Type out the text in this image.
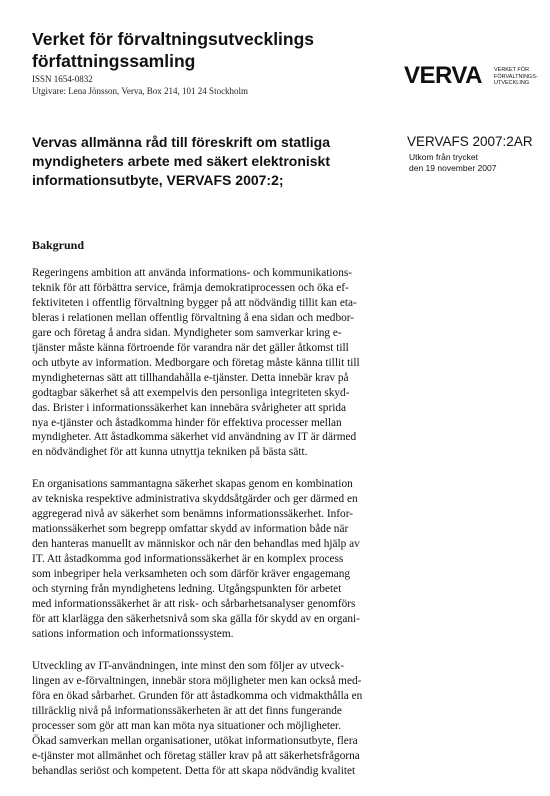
Verket för förvaltningsutvecklings författningssamling
ISSN 1654-0832
Utgivare: Lena Jönsson, Verva, Box 214, 101 24 Stockholm
VERVA VERKET FÖR
FÖRVALTNINGS-
UTVECKLING
Vervas allmänna råd till föreskrift om statliga myndigheters arbete med säkert elektroniskt informationsutbyte, VERVAFS 2007:2;
VERVAFS 2007:2AR
Utkom från trycket
den 19 november 2007
Bakgrund
Regeringens ambition att använda informations- och kommunikations-
teknik för att förbättra service, främja demokratiprocessen och öka ef-
fektiviteten i offentlig förvaltning bygger på att nödvändig tillit kan eta-
bleras i relationen mellan offentlig förvaltning å ena sidan och medbor-
gare och företag å andra sidan. Myndigheter som samverkar kring e-
tjänster måste känna förtroende för varandra när det gäller åtkomst till
och utbyte av information. Medborgare och företag måste känna tillit till
myndigheternas sätt att tillhandahålla e-tjänster. Detta innebär krav på
godtagbar säkerhet så att exempelvis den personliga integriteten skyd-
das. Brister i informationssäkerhet kan innebära svårigheter att sprida
nya e-tjänster och åstadkomma hinder för effektiva processer mellan
myndigheter. Att åstadkomma säkerhet vid användning av IT är därmed
en nödvändighet för att kunna utnyttja tekniken på bästa sätt.
En organisations sammantagna säkerhet skapas genom en kombination
av tekniska respektive administrativa skyddsåtgärder och ger därmed en
aggregerad nivå av säkerhet som benämns informationssäkerhet. Infor-
mationssäkerhet som begrepp omfattar skydd av information både när
den hanteras manuellt av människor och när den behandlas med hjälp av
IT. Att åstadkomma god informationssäkerhet är en komplex process
som inbegriper hela verksamheten och som därför kräver engagemang
och styrning från myndighetens ledning. Utgångspunkten för arbetet
med informationssäkerhet är att risk- och sårbarhetsanalyser genomförs
för att klarlägga den säkerhetsnivå som ska gälla för skydd av en organi-
sations information och informationssystem.
Utveckling av IT-användningen, inte minst den som följer av utveck-
lingen av e-förvaltningen, innebär stora möjligheter men kan också med-
föra en ökad sårbarhet. Grunden för att åstadkomma och vidmakthålla en
tillräcklig nivå på informationssäkerheten är att det finns fungerande
processer som gör att man kan möta nya situationer och möjligheter.
Ökad samverkan mellan organisationer, utökat informationsutbyte, flera
e-tjänster mot allmänhet och företag ställer krav på att säkerhetsfrågorna
behandlas seriöst och kompetent. Detta för att skapa nödvändig kvalitet
